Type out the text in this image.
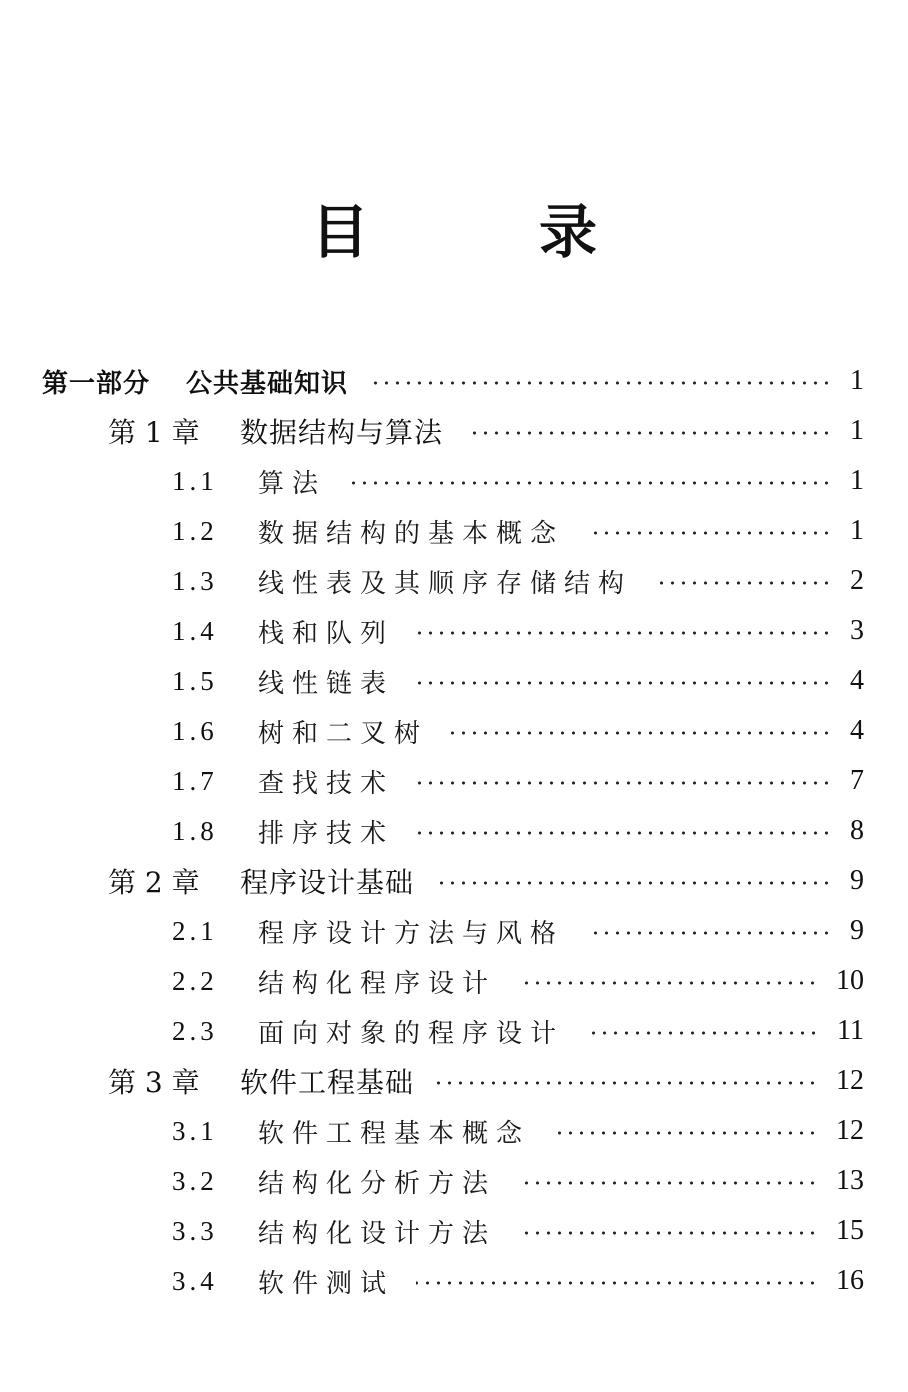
目　录
第一部分 公共基础知识	1
第 1 章	数据结构与算法	1
1.1	算法	1
1.2	数据结构的基本概念	1
1.3	线性表及其顺序存储结构	2
1.4	栈和队列	3
1.5	线性链表	4
1.6	树和二叉树	4
1.7	查找技术	7
1.8	排序技术	8
第 2 章	程序设计基础	9
2.1	程序设计方法与风格	9
2.2	结构化程序设计	10
2.3	面向对象的程序设计	11
第 3 章	软件工程基础	12
3.1	软件工程基本概念	12
3.2	结构化分析方法	13
3.3	结构化设计方法	15
3.4	软件测试	16
